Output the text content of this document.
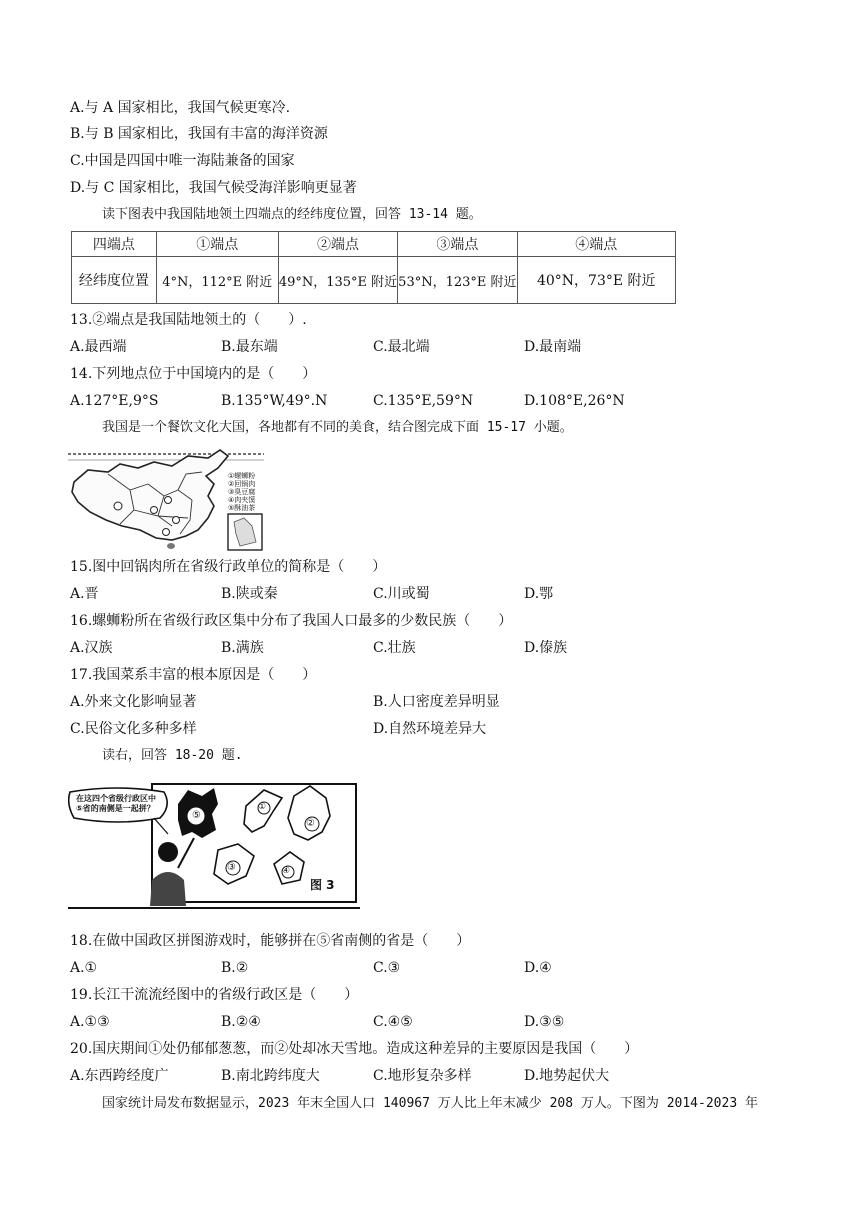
A.与 A 国家相比，我国气候更寒冷.
B.与 B 国家相比，我国有丰富的海洋资源
C.中国是四国中唯一海陆兼备的国家
D.与 C 国家相比，我国气候受海洋影响更显著
读下图表中我国陆地领土四端点的经纬度位置，回答 13-14 题。
四端点	①端点	②端点	③端点	④端点
经纬度位置	4°N，112°E 附近	49°N，135°E 附近	53°N，123°E 附近	40°N，73°E 附近
13.②端点是我国陆地领土的（　　）.
A.最西端	B.最东端	C.最北端	D.最南端
14.下列地点位于中国境内的是（　　）
A.127°E,9°S	B.135°W,49°.N	C.135°E,59°N	D.108°E,26°N
我国是一个餐饮文化大国，各地都有不同的美食，结合图完成下面 15-17 小题。
①螺蛳粉
②回锅肉
③臭豆腐
④肉夹馍
⑤酥油茶
15.图中回锅肉所在省级行政单位的简称是（　　）
A.晋	B.陕或秦	C.川或蜀	D.鄂
16.螺蛳粉所在省级行政区集中分布了我国人口最多的少数民族（　　）
A.汉族	B.满族	C.壮族	D.傣族
17.我国菜系丰富的根本原因是（　　）
A.外来文化影响显著	B.人口密度差异明显
C.民俗文化多种多样	D.自然环境差异大
读右，回答 18-20 题.
在这四个省级行政区中⑤省的南侧是一起拼？
⑤
①
②
③	④
图 3
18.在做中国政区拼图游戏时，能够拼在⑤省南侧的省是（　　）
A.①	B.②	C.③	D.④
19.长江干流流经图中的省级行政区是（　　）
A.①③	B.②④	C.④⑤	D.③⑤
20.国庆期间①处仍郁郁葱葱，而②处却冰天雪地。造成这种差异的主要原因是我国（　　）
A.东西跨经度广	B.南北跨纬度大	C.地形复杂多样	D.地势起伏大
国家统计局发布数据显示，2023 年末全国人口 140967 万人比上年末减少 208 万人。下图为 2014-2023 年
